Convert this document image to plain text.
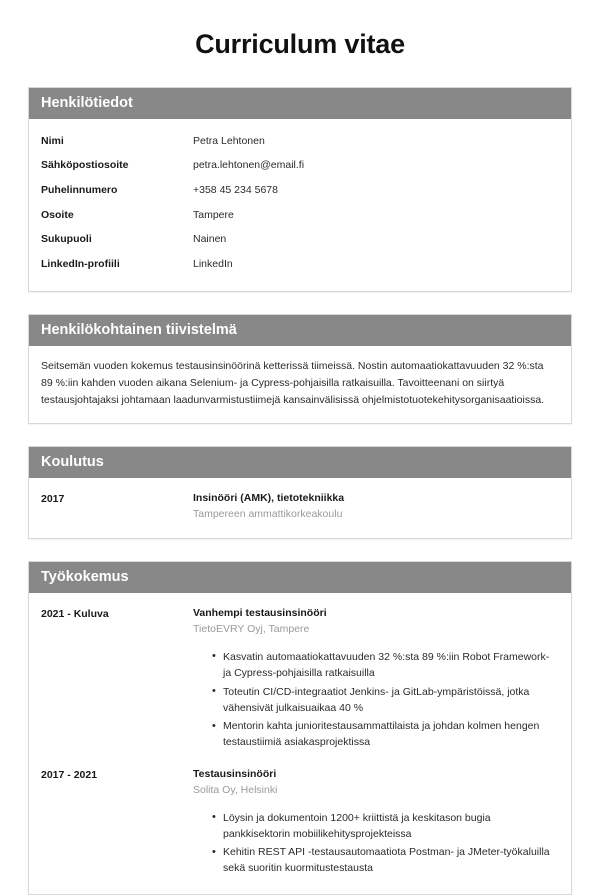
Curriculum vitae
Henkilötiedot
Nimi	Petra Lehtonen
Sähköpostiosoite	petra.lehtonen@email.fi
Puhelinnumero	+358 45 234 5678
Osoite	Tampere
Sukupuoli	Nainen
LinkedIn-profiili	LinkedIn
Henkilökohtainen tiivistelmä

Seitsemän vuoden kokemus testausinsinöörinä ketterissä tiimeissä. Nostin automaatiokattavuuden 32 %:sta 89 %:iin kahden vuoden aikana Selenium- ja Cypress-pohjaisilla ratkaisuilla. Tavoitteenani on siirtyä testausjohtajaksi johtamaan laadunvarmistustiimejä kansainvälisissä ohjelmistotuotekehitysorganisaatioissa.

Koulutus
2017	Insinööri (AMK), tietotekniikka
Tampereen ammattikorkeakoulu
Työkokemus
2021 - Kuluva	Vanhempi testausinsinööri
TietoEVRY Oyj, Tampere
• Kasvatin automaatiokattavuuden 32 %:sta 89 %:iin Robot Framework- ja Cypress-pohjaisilla ratkaisuilla
• Toteutin CI/CD-integraatiot Jenkins- ja GitLab-ympäristöissä, jotka vähensivät julkaisuaikaa 40 %
• Mentorin kahta junioritestausammattilaista ja johdan kolmen hengen testaustiimiä asiakasprojektissa
2017 - 2021	Testausinsinööri
Solita Oy, Helsinki
• Löysin ja dokumentoin 1200+ kriittistä ja keskitason bugia pankkisektorin mobiilikehitysprojekteissa
• Kehitin REST API -testausautomaatiota Postman- ja JMeter-työkaluilla sekä suoritin kuormitustestausta
